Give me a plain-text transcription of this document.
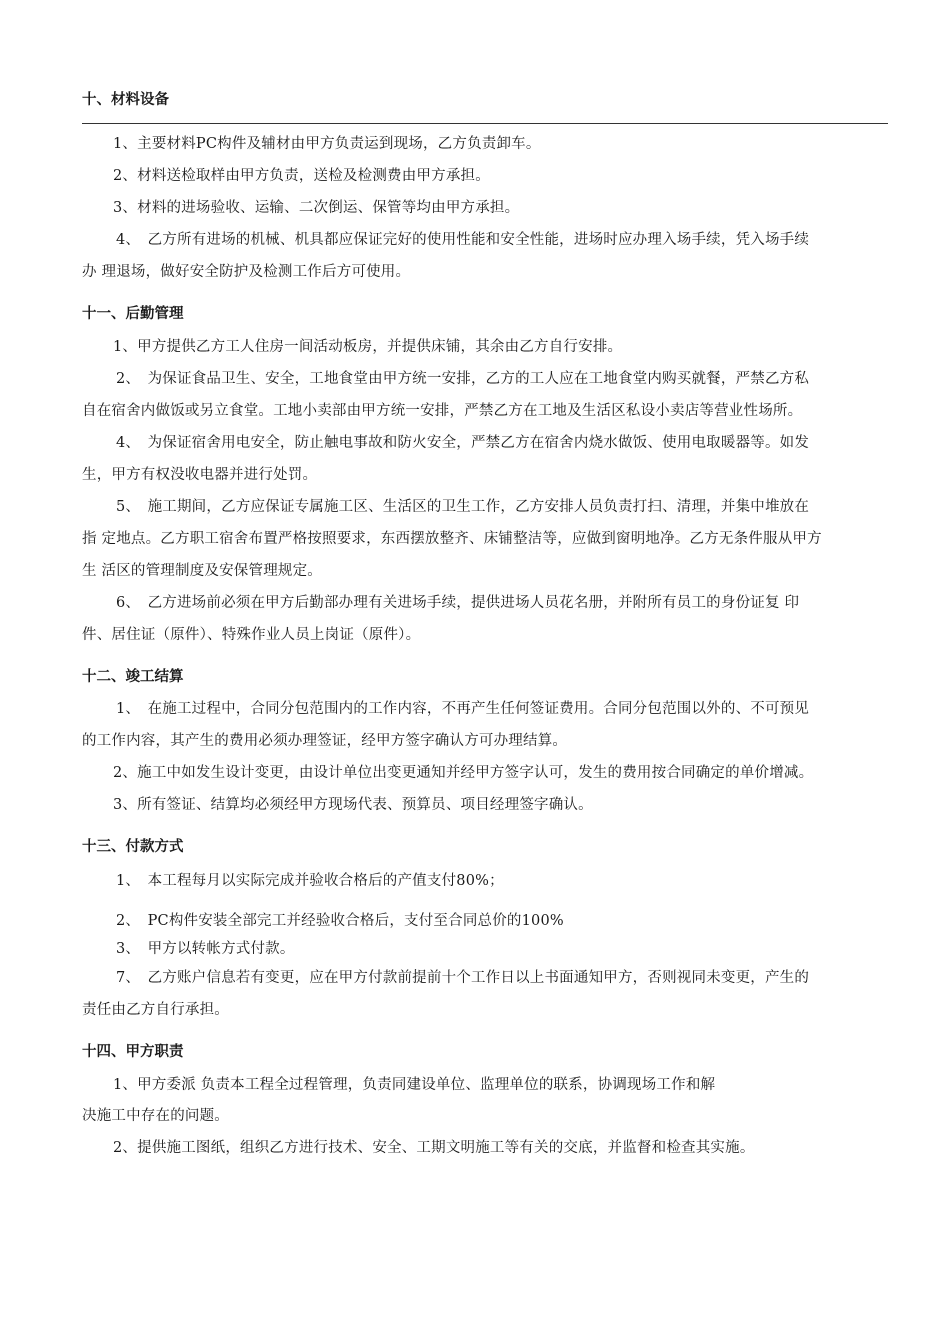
十、材料设备
1、主要材料PC构件及辅材由甲方负责运到现场，乙方负责卸车。
2、材料送检取样由甲方负责，送检及检测费由甲方承担。
3、材料的进场验收、运输、二次倒运、保管等均由甲方承担。
4、　乙方所有进场的机械、机具都应保证完好的使用性能和安全性能，进场时应办理入场手续，凭入场手续
办 理退场，做好安全防护及检测工作后方可使用。
十一、后勤管理
1、甲方提供乙方工人住房一间活动板房，并提供床铺，其余由乙方自行安排。
2、　为保证食品卫生、安全，工地食堂由甲方统一安排，乙方的工人应在工地食堂内购买就餐，严禁乙方私
自在宿舍内做饭或另立食堂。工地小卖部由甲方统一安排，严禁乙方在工地及生活区私设小卖店等营业性场所。
4、　为保证宿舍用电安全，防止触电事故和防火安全，严禁乙方在宿舍内烧水做饭、使用电取暖器等。如发
生，甲方有权没收电器并进行处罚。
5、　施工期间，乙方应保证专属施工区、生活区的卫生工作，乙方安排人员负责打扫、清理，并集中堆放在
指 定地点。乙方职工宿舍布置严格按照要求，东西摆放整齐、床铺整洁等，应做到窗明地净。乙方无条件服从甲方
生 活区的管理制度及安保管理规定。
6、　乙方进场前必须在甲方后勤部办理有关进场手续，提供进场人员花名册，并附所有员工的身份证复 印
件、居住证（原件）、特殊作业人员上岗证（原件）。
十二、竣工结算
1、　在施工过程中，合同分包范围内的工作内容，不再产生任何签证费用。合同分包范围以外的、不可预见
的工作内容，其产生的费用必须办理签证，经甲方签字确认方可办理结算。
2、施工中如发生设计变更，由设计单位出变更通知并经甲方签字认可，发生的费用按合同确定的单价增减。
3、所有签证、结算均必须经甲方现场代表、预算员、项目经理签字确认。
十三、付款方式
1、　本工程每月以实际完成并验收合格后的产值支付80%；
2、　PC构件安装全部完工并经验收合格后，支付至合同总价的100%
3、　甲方以转帐方式付款。
7、　乙方账户信息若有变更，应在甲方付款前提前十个工作日以上书面通知甲方，否则视同未变更，产生的
责任由乙方自行承担。
十四、甲方职责
1、甲方委派 负责本工程全过程管理，负责同建设单位、监理单位的联系，协调现场工作和解
决施工中存在的问题。
2、提供施工图纸，组织乙方进行技术、安全、工期文明施工等有关的交底，并监督和检查其实施。
